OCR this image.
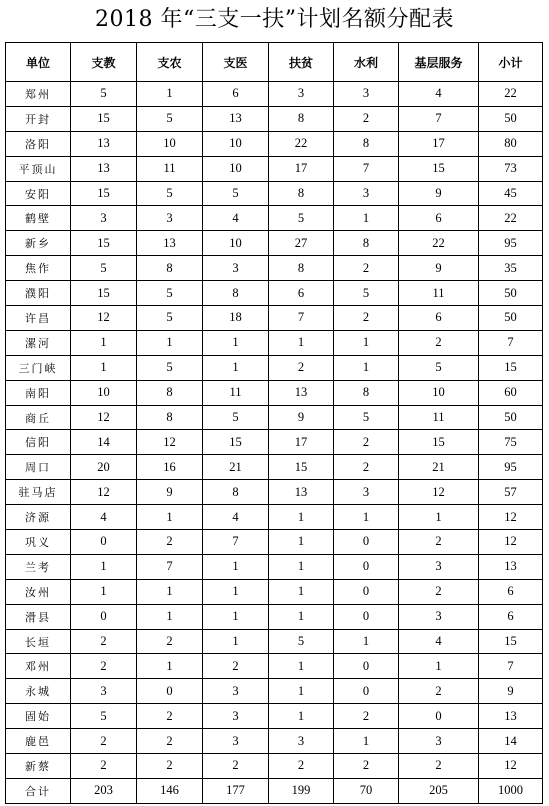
2018 年“三支一扶”计划名额分配表
单位	支教	支农	支医	扶贫	水利	基层服务	小计
郑州	5	1	6	3	3	4	22
开封	15	5	13	8	2	7	50
洛阳	13	10	10	22	8	17	80
平顶山	13	11	10	17	7	15	73
安阳	15	5	5	8	3	9	45
鹤壁	3	3	4	5	1	6	22
新乡	15	13	10	27	8	22	95
焦作	5	8	3	8	2	9	35
濮阳	15	5	8	6	5	11	50
许昌	12	5	18	7	2	6	50
漯河	1	1	1	1	1	2	7
三门峡	1	5	1	2	1	5	15
南阳	10	8	11	13	8	10	60
商丘	12	8	5	9	5	11	50
信阳	14	12	15	17	2	15	75
周口	20	16	21	15	2	21	95
驻马店	12	9	8	13	3	12	57
济源	4	1	4	1	1	1	12
巩义	0	2	7	1	0	2	12
兰考	1	7	1	1	0	3	13
汝州	1	1	1	1	0	2	6
滑县	0	1	1	1	0	3	6
长垣	2	2	1	5	1	4	15
邓州	2	1	2	1	0	1	7
永城	3	0	3	1	0	2	9
固始	5	2	3	1	2	0	13
鹿邑	2	2	3	3	1	3	14
新蔡	2	2	2	2	2	2	12
合计	203	146	177	199	70	205	1000
